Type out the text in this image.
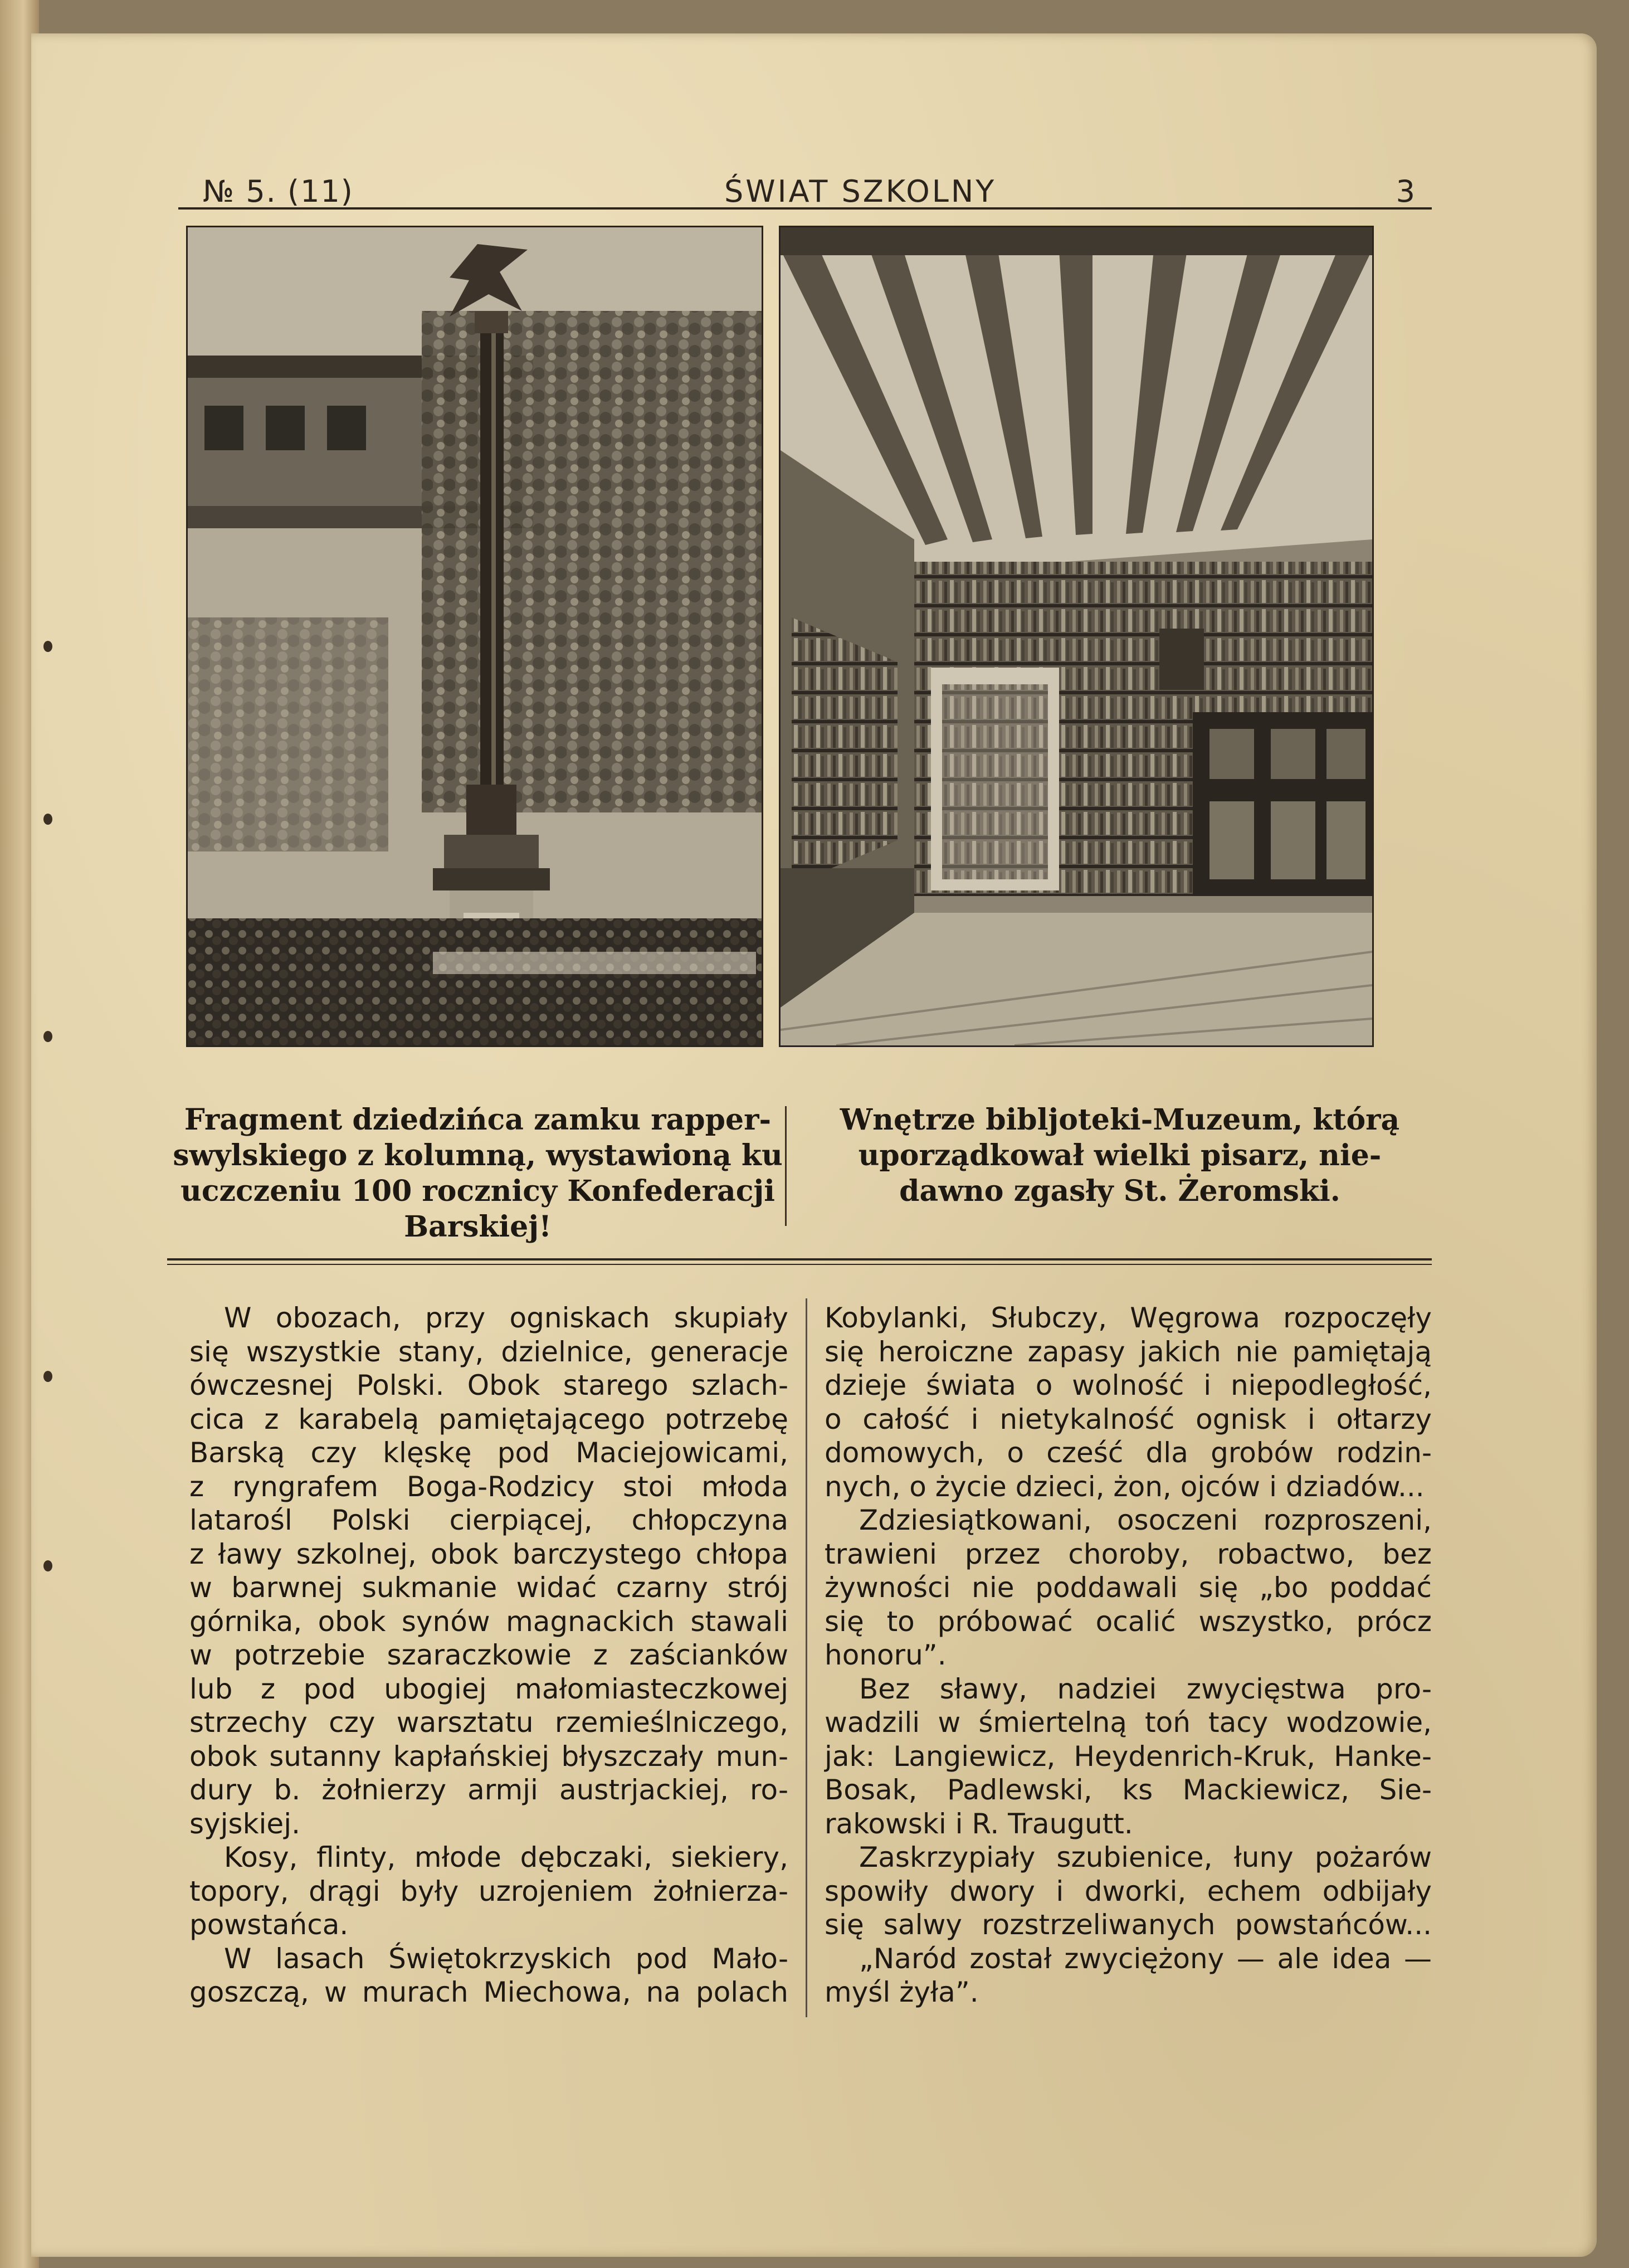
№ 5. (11)	ŚWIAT SZKOLNY	3
Fragment dziedzińca zamku rapper-
swylskiego z kolumną, wystawioną ku
uczczeniu 100 rocznicy Konfederacji
Barskiej!
Wnętrze bibljoteki-Muzeum, którą
uporządkował wielki pisarz, nie-
dawno zgasły St. Żeromski.
W obozach, przy ogniskach skupiały
się wszystkie stany, dzielnice, generacje
ówczesnej Polski. Obok starego szlach-
cica z karabelą pamiętającego potrzebę
Barską czy klęskę pod Maciejowicami,
z ryngrafem Boga-Rodzicy stoi młoda
latarośl Polski cierpiącej, chłopczyna
z ławy szkolnej, obok barczystego chłopa
w barwnej sukmanie widać czarny strój
górnika, obok synów magnackich stawali
w potrzebie szaraczkowie z zaścianków
lub z pod ubogiej małomiasteczkowej
strzechy czy warsztatu rzemieślniczego,
obok sutanny kapłańskiej błyszczały mun-
dury b. żołnierzy armji austrjackiej, ro-
syjskiej.
Kosy, flinty, młode dębczaki, siekiery,
topory, drągi były uzrojeniem żołnierza-
powstańca.
W lasach Świętokrzyskich pod Mało-
goszczą, w murach Miechowa, na polach
Kobylanki, Słubczy, Węgrowa rozpoczęły
się heroiczne zapasy jakich nie pamiętają
dzieje świata o wolność i niepodległość,
o całość i nietykalność ognisk i ołtarzy
domowych, o cześć dla grobów rodzin-
nych, o życie dzieci, żon, ojców i dziadów...
Zdziesiątkowani, osoczeni rozproszeni,
trawieni przez choroby, robactwo, bez
żywności nie poddawali się „bo poddać
się to próbować ocalić wszystko, prócz
honoru”.
Bez sławy, nadziei zwycięstwa pro-
wadzili w śmiertelną toń tacy wodzowie,
jak: Langiewicz, Heydenrich-Kruk, Hanke-
Bosak, Padlewski, ks Mackiewicz, Sie-
rakowski i R. Traugutt.
Zaskrzypiały szubienice, łuny pożarów
spowiły dwory i dworki, echem odbijały
się salwy rozstrzeliwanych powstańców...
„Naród został zwyciężony — ale idea —
myśl żyła”.
